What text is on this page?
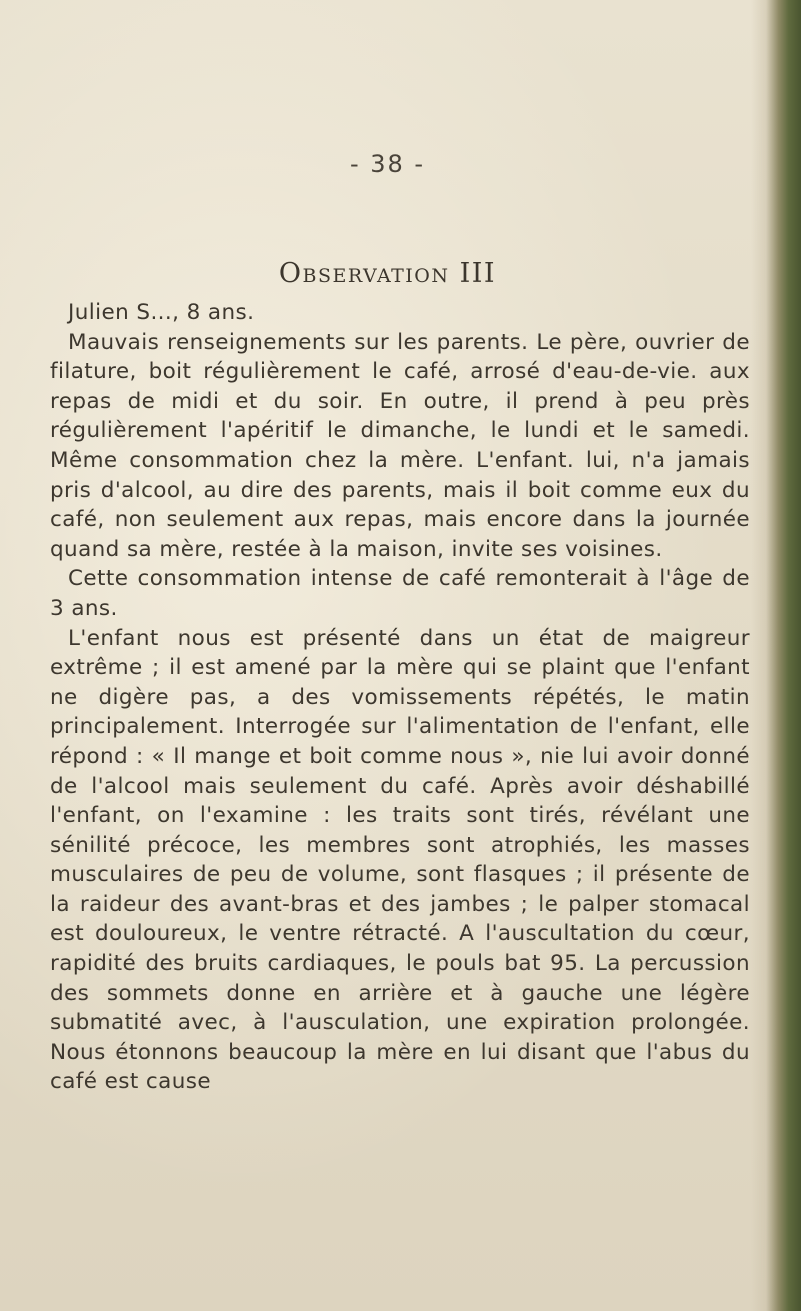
- 38 -
Observation III

Julien S..., 8 ans.

Mauvais renseignements sur les parents. Le père, ouvrier de filature, boit régulièrement le café, arrosé d'eau-de-vie. aux repas de midi et du soir. En outre, il prend à peu près régulièrement l'apéritif le dimanche, le lundi et le samedi. Même consommation chez la mère. L'enfant. lui, n'a jamais pris d'alcool, au dire des parents, mais il boit comme eux du café, non seulement aux repas, mais encore dans la journée quand sa mère, restée à la maison, invite ses voisines.

Cette consommation intense de café remonterait à l'âge de 3 ans.

L'enfant nous est présenté dans un état de maigreur extrême ; il est amené par la mère qui se plaint que l'enfant ne digère pas, a des vomissements répétés, le matin principalement. Interrogée sur l'alimentation de l'enfant, elle répond : « Il mange et boit comme nous », nie lui avoir donné de l'alcool mais seulement du café. Après avoir déshabillé l'enfant, on l'examine : les traits sont tirés, révélant une sénilité précoce, les membres sont atrophiés, les masses musculaires de peu de volume, sont flasques ; il présente de la raideur des avant-bras et des jambes ; le palper stomacal est douloureux, le ventre rétracté. A l'auscultation du cœur, rapidité des bruits cardiaques, le pouls bat 95. La percussion des sommets donne en arrière et à gauche une légère submatité avec, à l'ausculation, une expiration prolongée. Nous étonnons beaucoup la mère en lui disant que l'abus du café est cause
